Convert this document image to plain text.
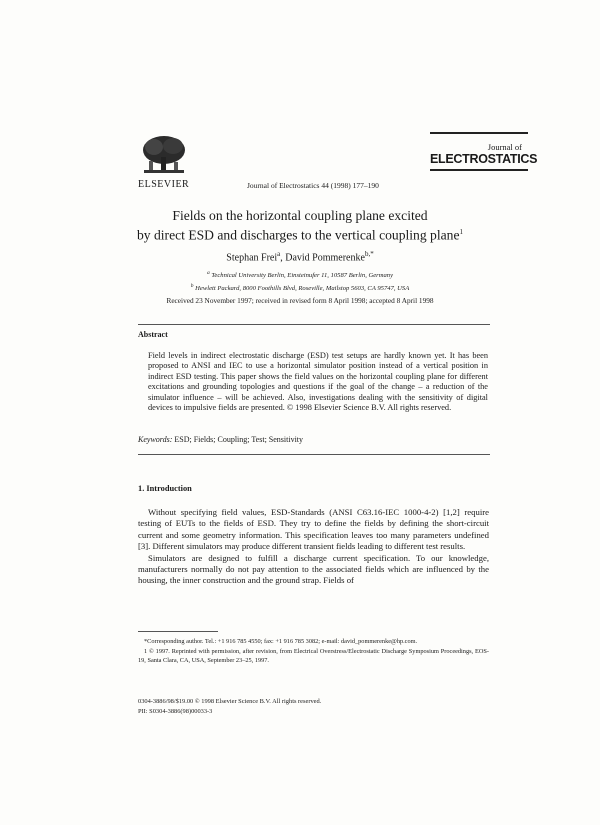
ELSEVIER	Journal of Electrostatics 44 (1998) 177–190
Journal of
ELECTROSTATICS
Fields on the horizontal coupling plane excited
by direct ESD and discharges to the vertical coupling plane$^1$
Stephan Frei$^a$, David Pommerenke$^{b,*}$
$^a$ Technical University Berlin, Einsteinufer 11, 10587 Berlin, Germany
$^b$ Hewlett Packard, 8000 Foothills Blvd, Roseville, Mailstop 5603, CA 95747, USA
Received 23 November 1997; received in revised form 8 April 1998; accepted 8 April 1998
Abstract
Field levels in indirect electrostatic discharge (ESD) test setups are hardly known yet. It has been proposed to ANSI and IEC to use a horizontal simulator position instead of a vertical position in indirect ESD testing. This paper shows the field values on the horizontal coupling plane for different excitations and grounding topologies and questions if the goal of the change – a reduction of the simulator influence – will be achieved. Also, investigations dealing with the sensitivity of digital devices to impulsive fields are presented. © 1998 Elsevier Science B.V. All rights reserved.
Keywords: ESD; Fields; Coupling; Test; Sensitivity
1. Introduction

Without specifying field values, ESD-Standards (ANSI C63.16-IEC 1000-4-2) [1,2] require testing of EUTs to the fields of ESD. They try to define the fields by defining the short-circuit current and some geometry information. This specification leaves too many parameters undefined [3]. Different simulators may produce different transient fields leading to different test results.

Simulators are designed to fulfill a discharge current specification. To our knowledge, manufacturers normally do not pay attention to the associated fields which are influenced by the housing, the inner construction and the ground strap. Fields of

*Corresponding author. Tel.: +1 916 785 4550; fax: +1 916 785 3082; e-mail: david_pommerenke@hp.com.

1 © 1997. Reprinted with permission, after revision, from Electrical Overstress/Electrostatic Discharge Symposium Proceedings, EOS-19, Santa Clara, CA, USA, September 23–25, 1997.

0304-3886/98/$19.00 © 1998 Elsevier Science B.V. All rights reserved.
PII: S0304-3886(98)00033-3
